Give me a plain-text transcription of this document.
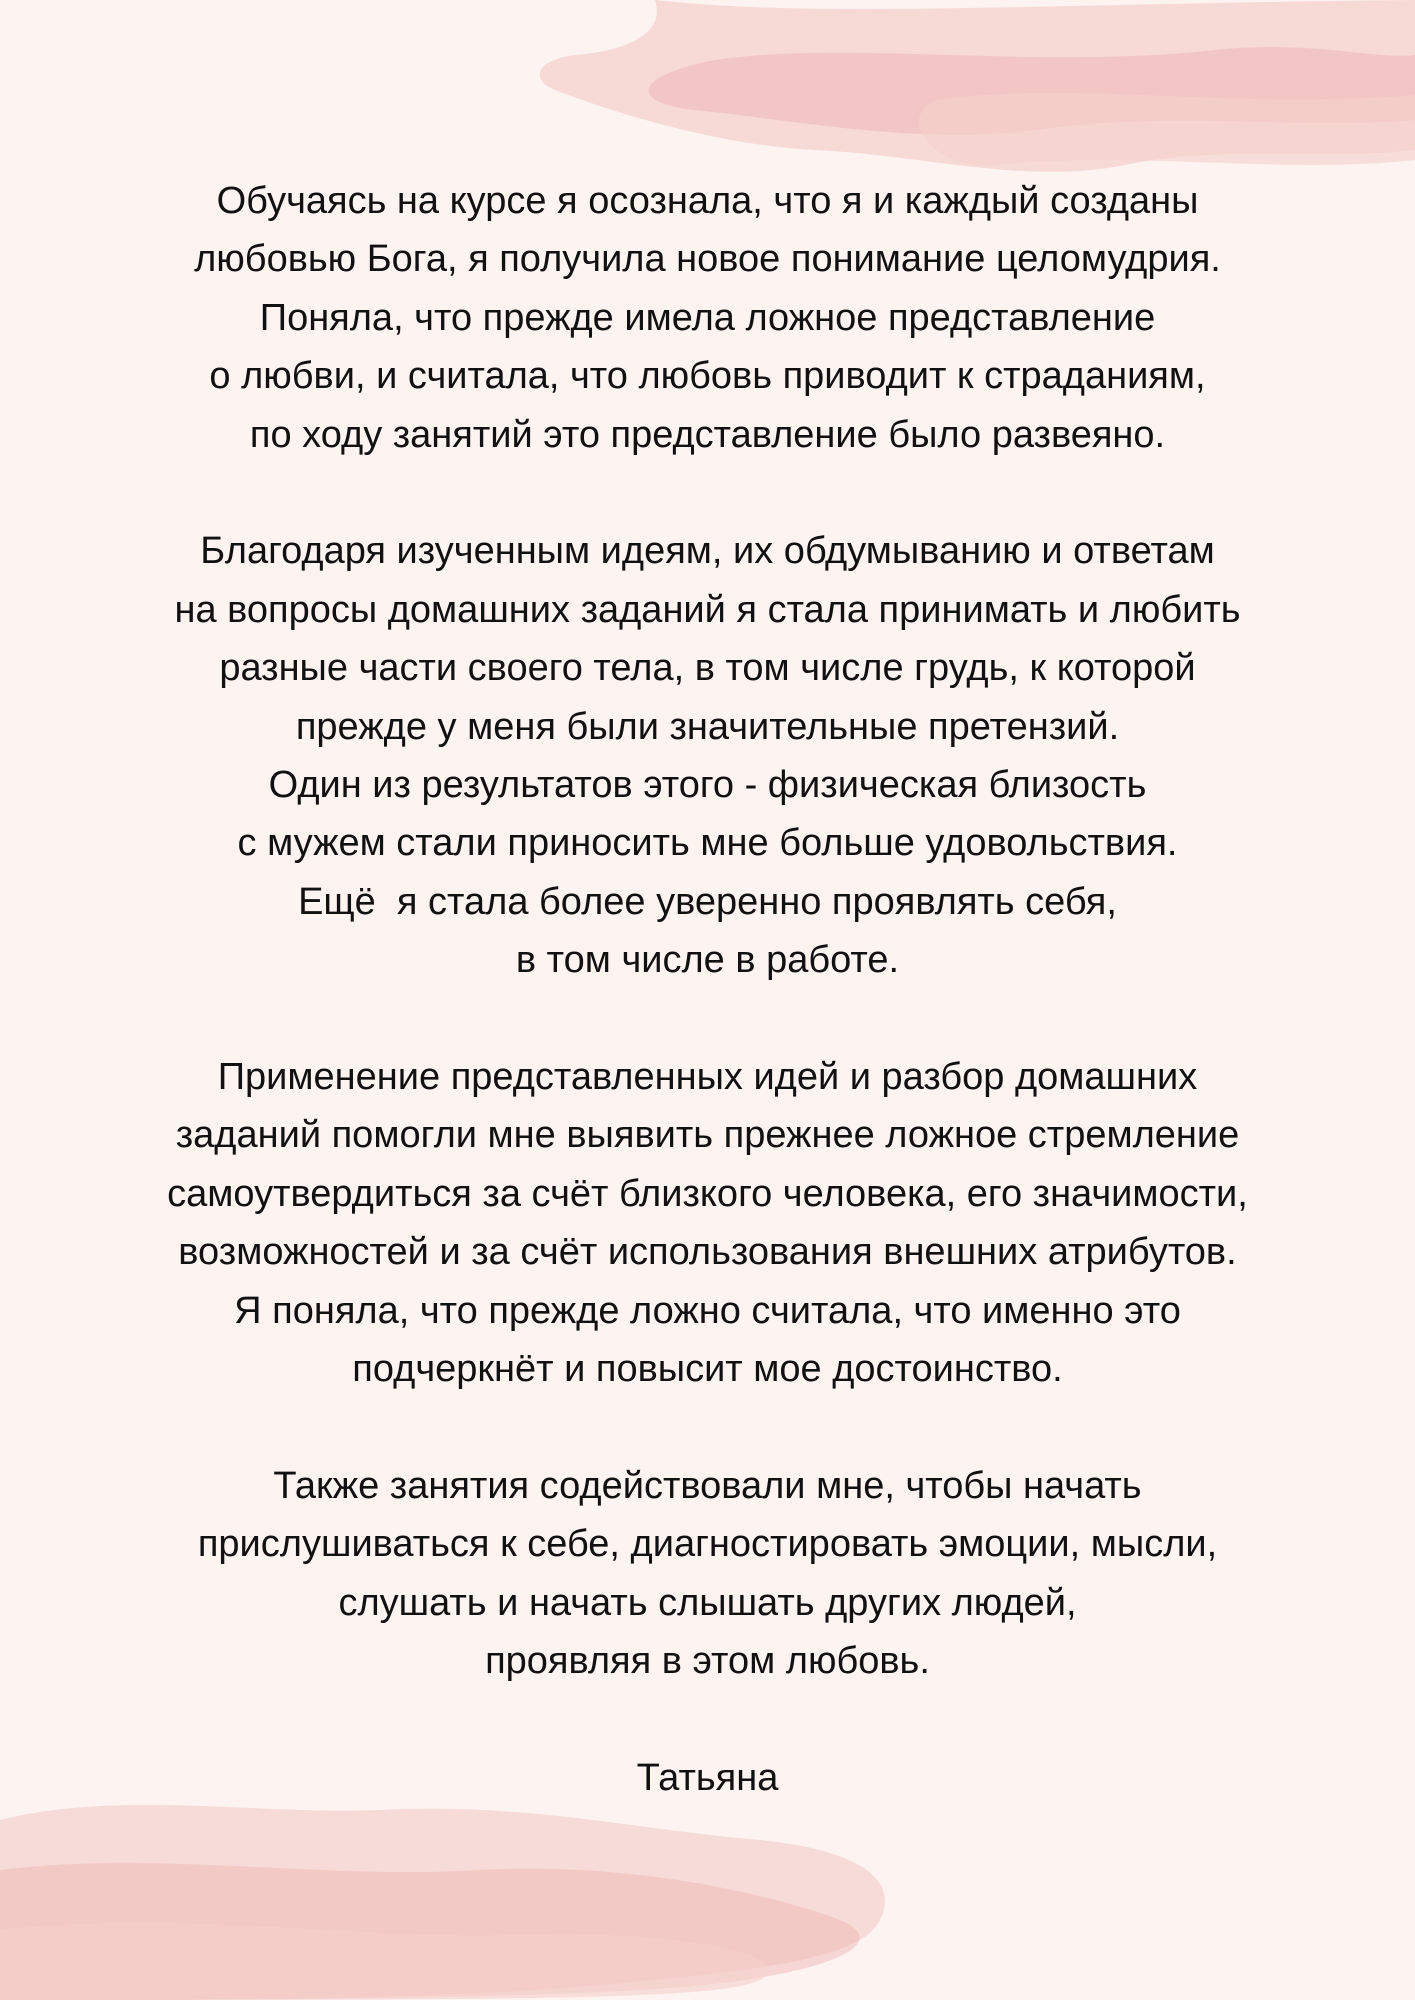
Обучаясь на курсе я осознала, что я и каждый созданы
любовью Бога, я получила новое понимание целомудрия.
Поняла, что прежде имела ложное представление
о любви, и считала, что любовь приводит к страданиям,
по ходу занятий это представление было развеяно.

Благодаря изученным идеям, их обдумыванию и ответам
на вопросы домашних заданий я стала принимать и любить
разные части своего тела, в том числе грудь, к которой
прежде у меня были значительные претензий.
Один из результатов этого - физическая близость
с мужем стали приносить мне больше удовольствия.
Ещё  я стала более уверенно проявлять себя,
в том числе в работе.

Применение представленных идей и разбор домашних
заданий помогли мне выявить прежнее ложное стремление
самоутвердиться за счёт близкого человека, его значимости,
возможностей и за счёт использования внешних атрибутов.
Я поняла, что прежде ложно считала, что именно это
подчеркнёт и повысит мое достоинство.

Также занятия содействовали мне, чтобы начать
прислушиваться к себе, диагностировать эмоции, мысли,
слушать и начать слышать других людей,
проявляя в этом любовь.

Татьяна
